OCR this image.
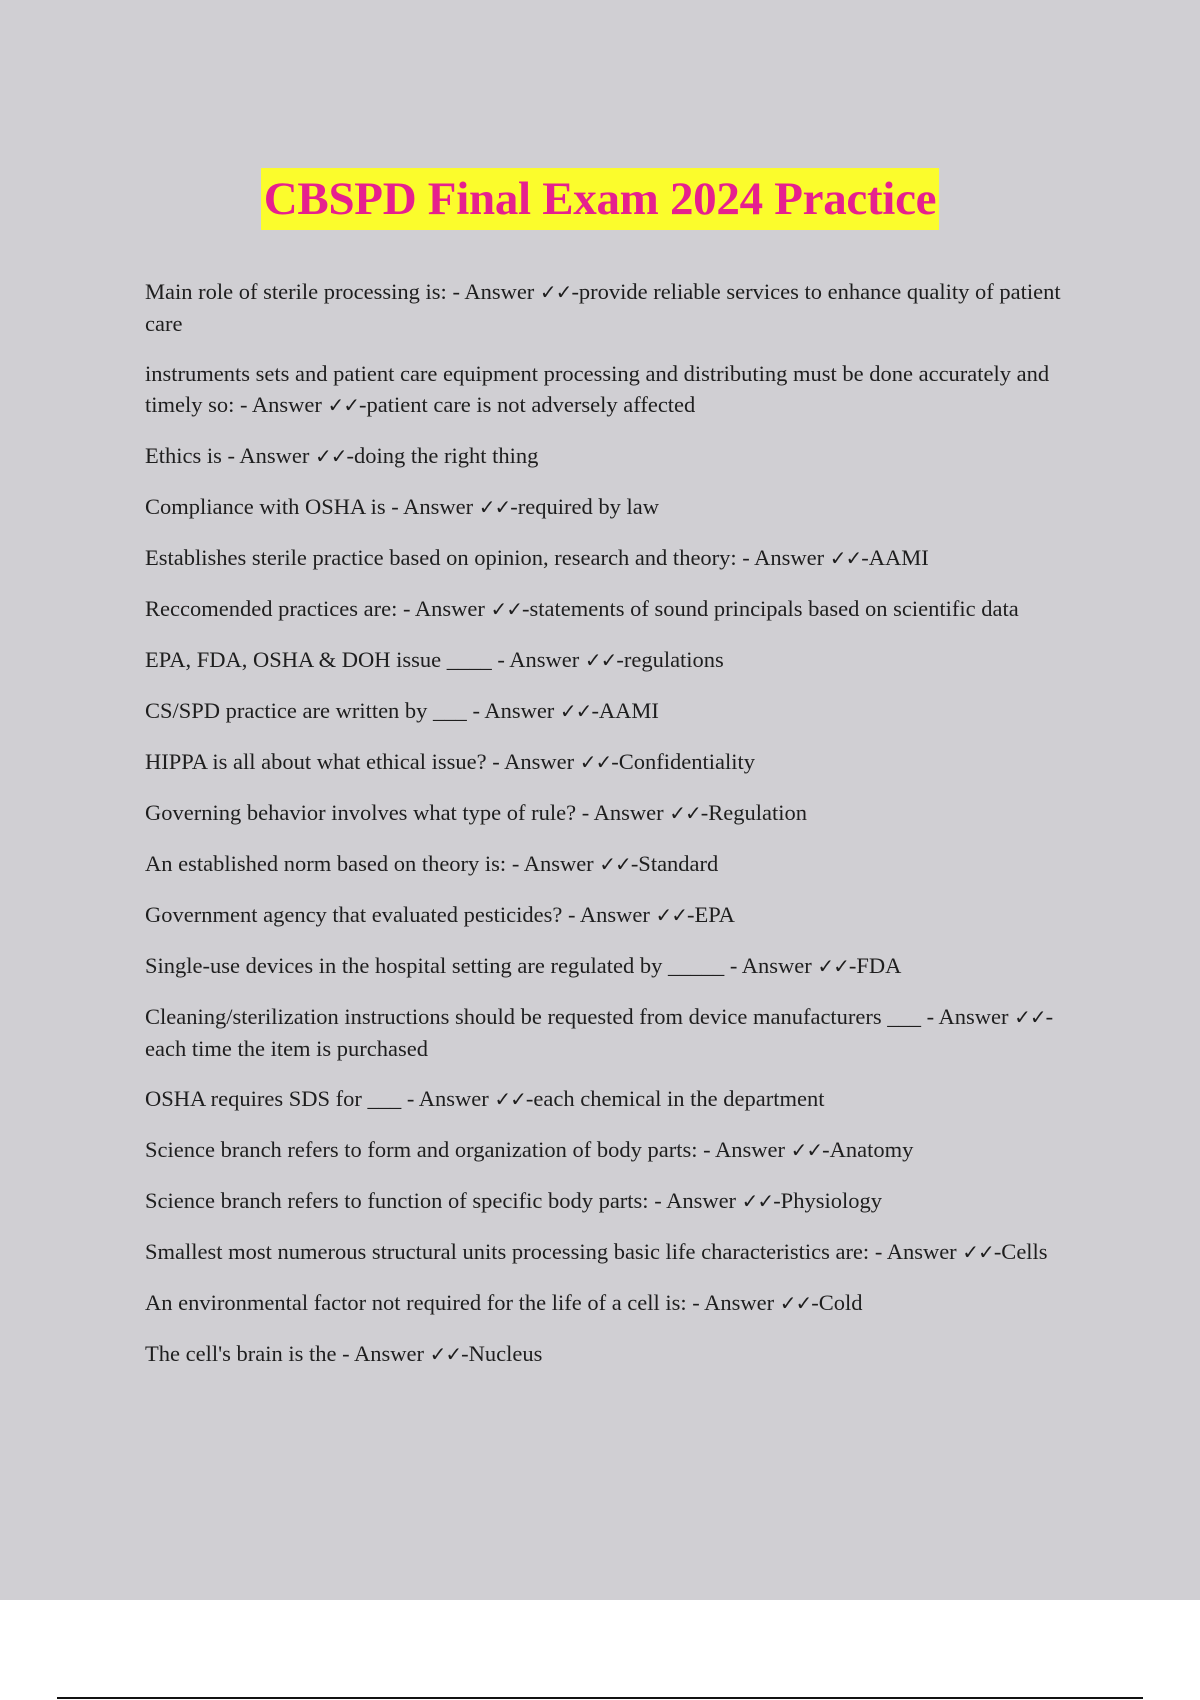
CBSPD Final Exam 2024 Practice
Main role of sterile processing is: - Answer ✓✓-provide reliable services to enhance quality of patient care
instruments sets and patient care equipment processing and distributing must be done accurately and timely so: - Answer ✓✓-patient care is not adversely affected
Ethics is - Answer ✓✓-doing the right thing
Compliance with OSHA is - Answer ✓✓-required by law
Establishes sterile practice based on opinion, research and theory: - Answer ✓✓-AAMI
Reccomended practices are: - Answer ✓✓-statements of sound principals based on scientific data
EPA, FDA, OSHA & DOH issue ____ - Answer ✓✓-regulations
CS/SPD practice are written by ___ - Answer ✓✓-AAMI
HIPPA is all about what ethical issue? - Answer ✓✓-Confidentiality
Governing behavior involves what type of rule? - Answer ✓✓-Regulation
An established norm based on theory is: - Answer ✓✓-Standard
Government agency that evaluated pesticides? - Answer ✓✓-EPA
Single-use devices in the hospital setting are regulated by _____ - Answer ✓✓-FDA
Cleaning/sterilization instructions should be requested from device manufacturers ___ - Answer ✓✓-each time the item is purchased
OSHA requires SDS for ___ - Answer ✓✓-each chemical in the department
Science branch refers to form and organization of body parts: - Answer ✓✓-Anatomy
Science branch refers to function of specific body parts: - Answer ✓✓-Physiology
Smallest most numerous structural units processing basic life characteristics are: - Answer ✓✓-Cells
An environmental factor not required for the life of a cell is: - Answer ✓✓-Cold
The cell's brain is the - Answer ✓✓-Nucleus
